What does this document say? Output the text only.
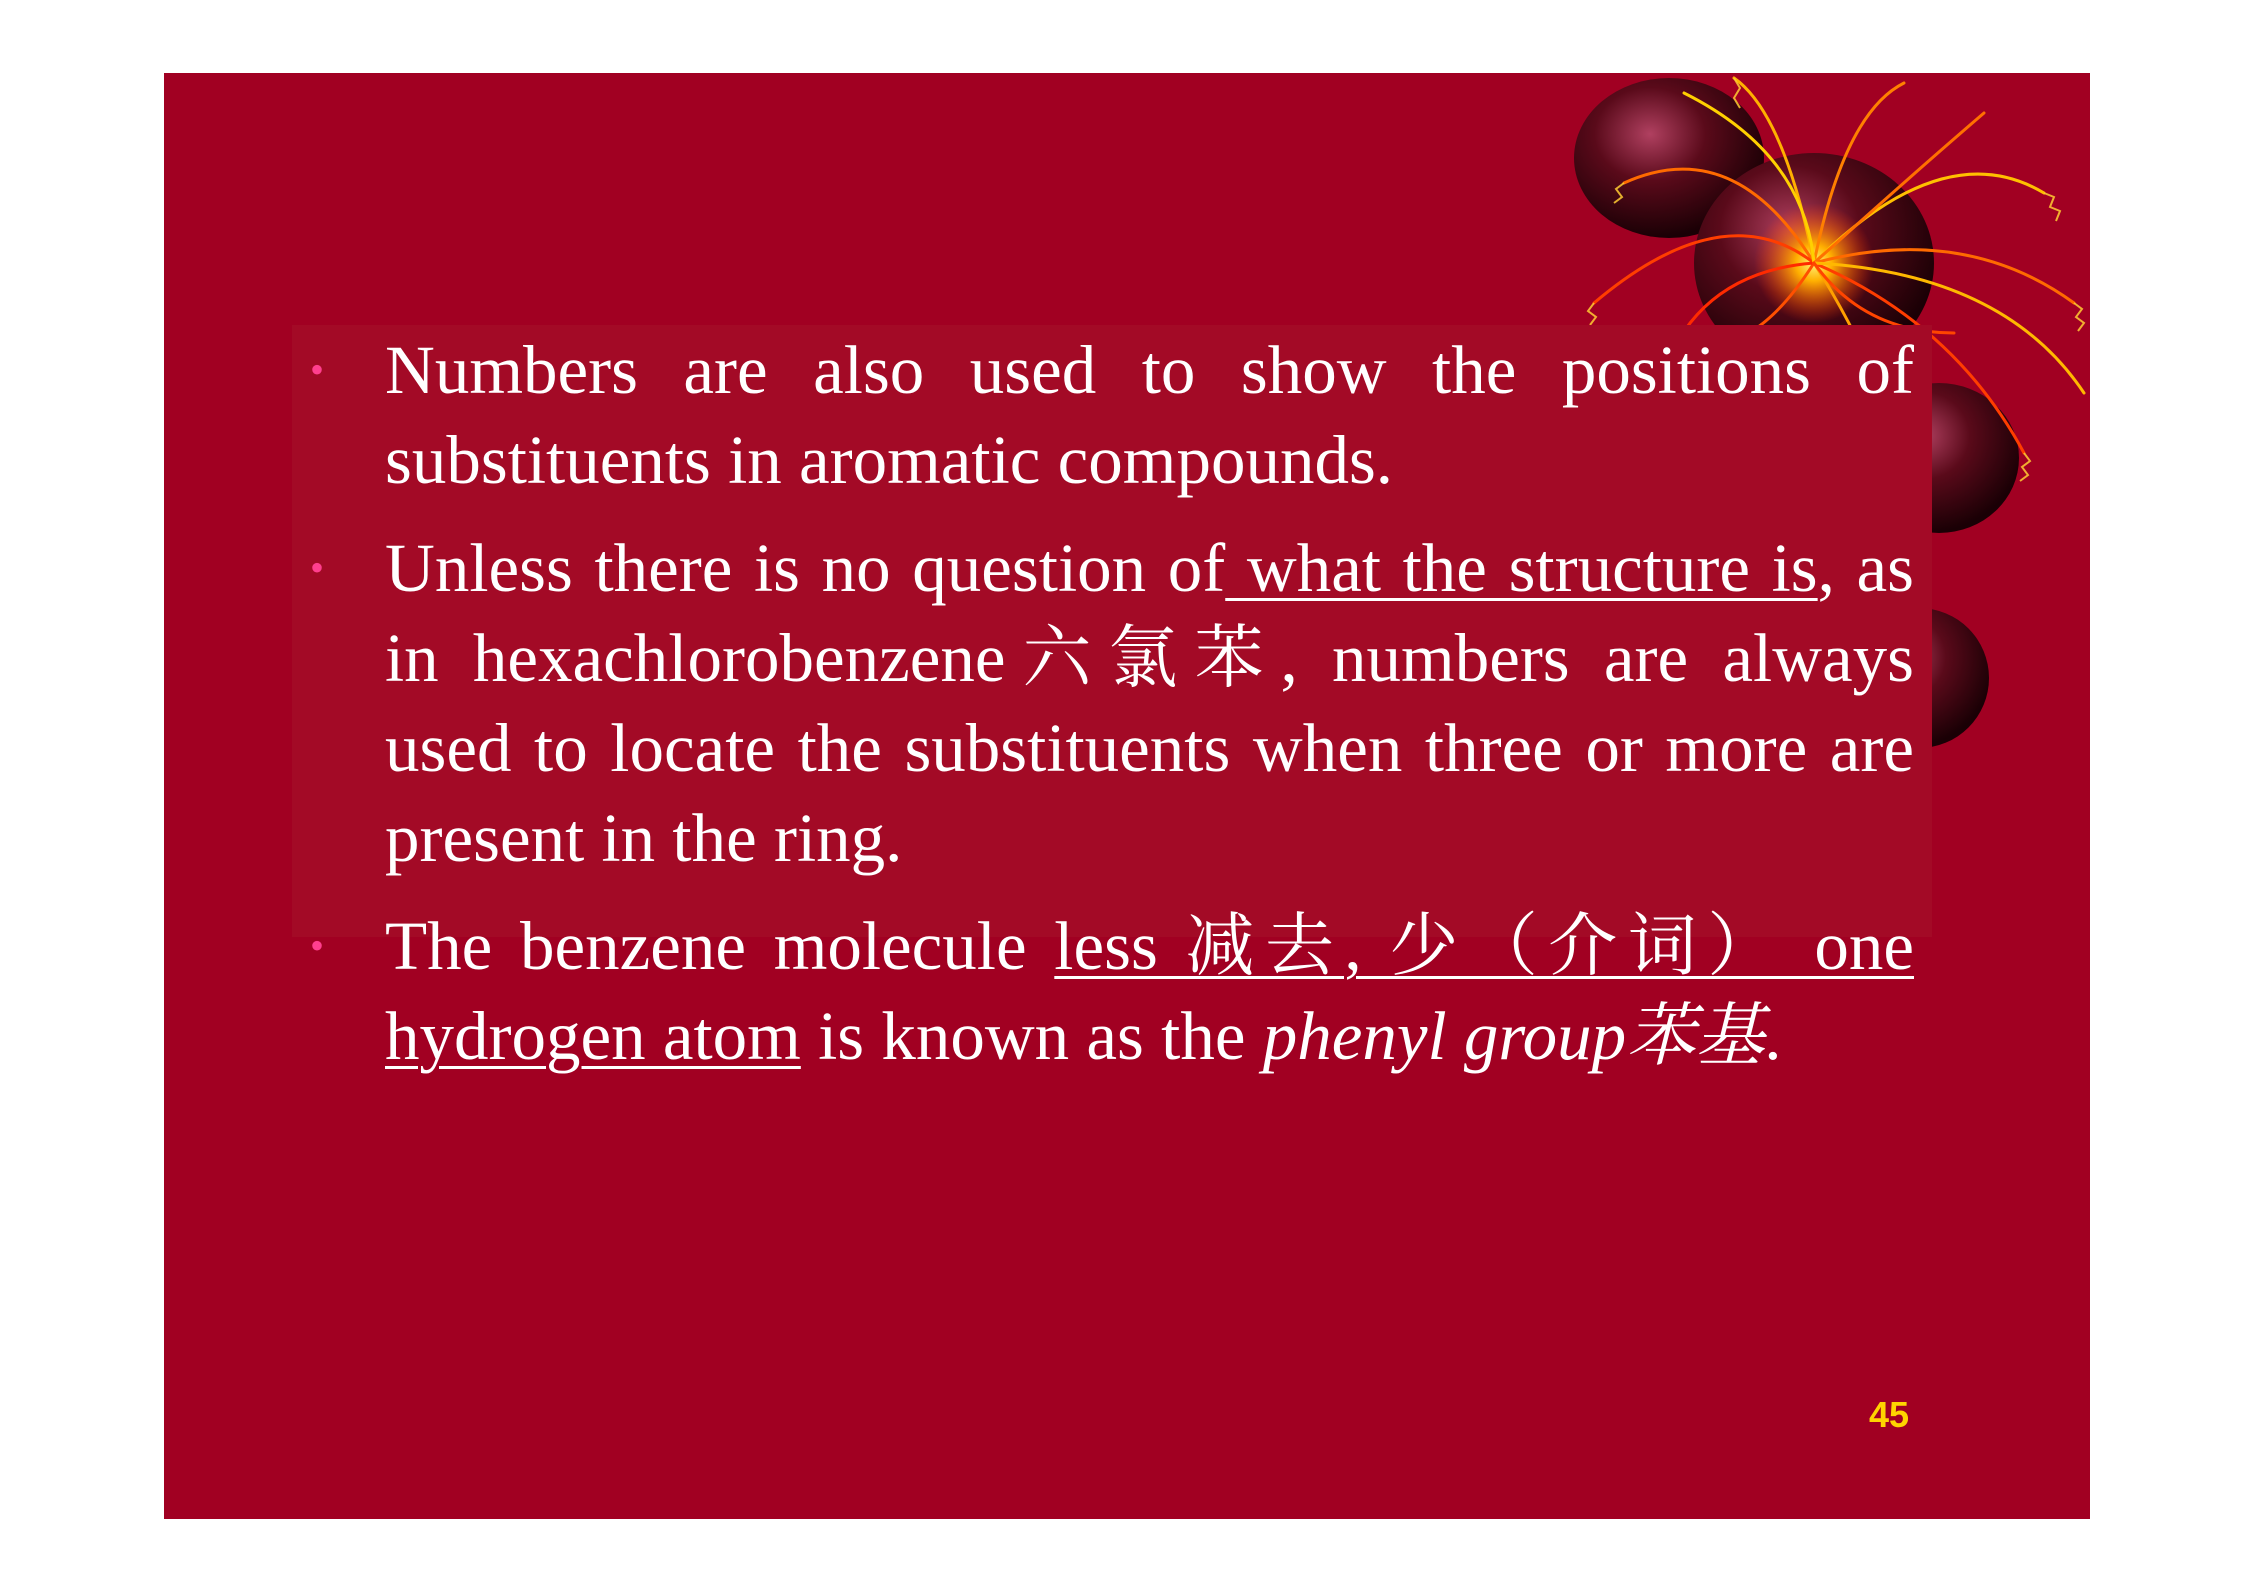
• Numbers are also used to show the positions of substituents in aromatic compounds.
• Unless there is no question of what the structure is, as in hexachlorobenzene六氯苯, numbers are always used to locate the substituents when three or more are present in the ring.
• The benzene molecule less 减去, 少（介词） one hydrogen atom is known as the phenyl group苯基.
45
